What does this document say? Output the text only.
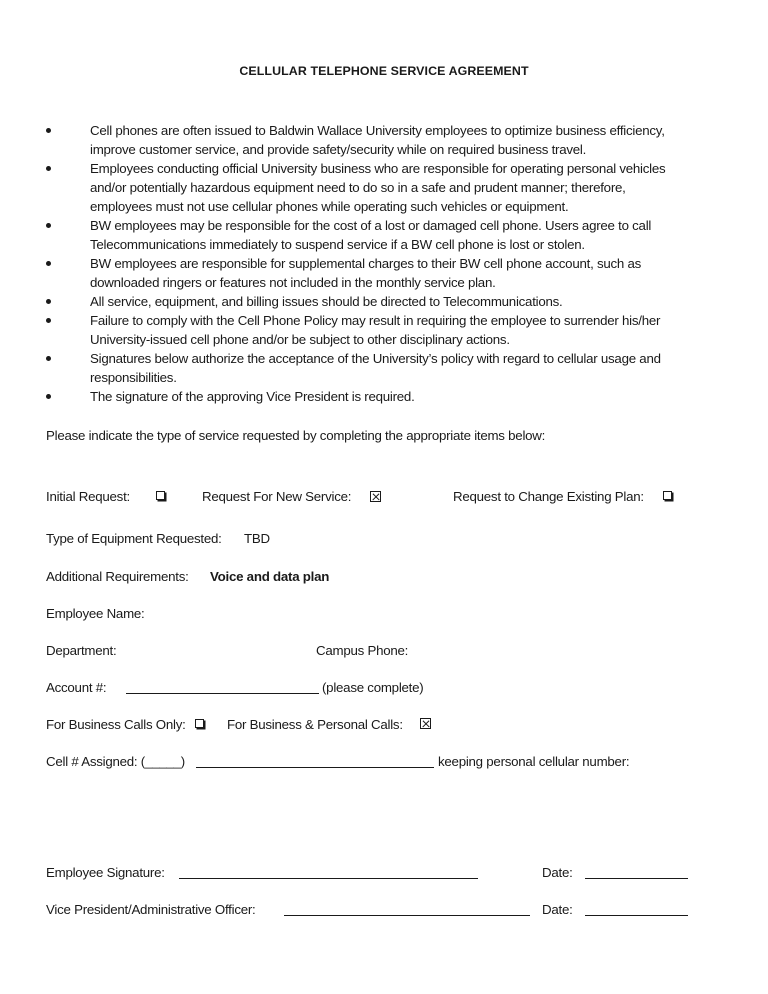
CELLULAR TELEPHONE SERVICE AGREEMENT
Cell phones are often issued to Baldwin Wallace University employees to optimize business efficiency,
improve customer service, and provide safety/security while on required business travel.
Employees conducting official University business who are responsible for operating personal vehicles
and/or potentially hazardous equipment need to do so in a safe and prudent manner; therefore,
employees must not use cellular phones while operating such vehicles or equipment.
BW employees may be responsible for the cost of a lost or damaged cell phone. Users agree to call
Telecommunications immediately to suspend service if a BW cell phone is lost or stolen.
BW employees are responsible for supplemental charges to their BW cell phone account, such as
downloaded ringers or features not included in the monthly service plan.
All service, equipment, and billing issues should be directed to Telecommunications.
Failure to comply with the Cell Phone Policy may result in requiring the employee to surrender his/her
University-issued cell phone and/or be subject to other disciplinary actions.
Signatures below authorize the acceptance of the University’s policy with regard to cellular usage and
responsibilities.
The signature of the approving Vice President is required.
Please indicate the type of service requested by completing the appropriate items below:
Initial Request:	Request For New Service:	Request to Change Existing Plan:
Type of Equipment Requested: TBD
Additional Requirements: Voice and data plan
Employee Name:
Department:	Campus Phone:
Account #:	(please complete)
For Business Calls Only:	For Business & Personal Calls:
Cell # Assigned: (_____)	keeping personal cellular number:
Employee Signature:	Date:
Vice President/Administrative Officer:	Date:
